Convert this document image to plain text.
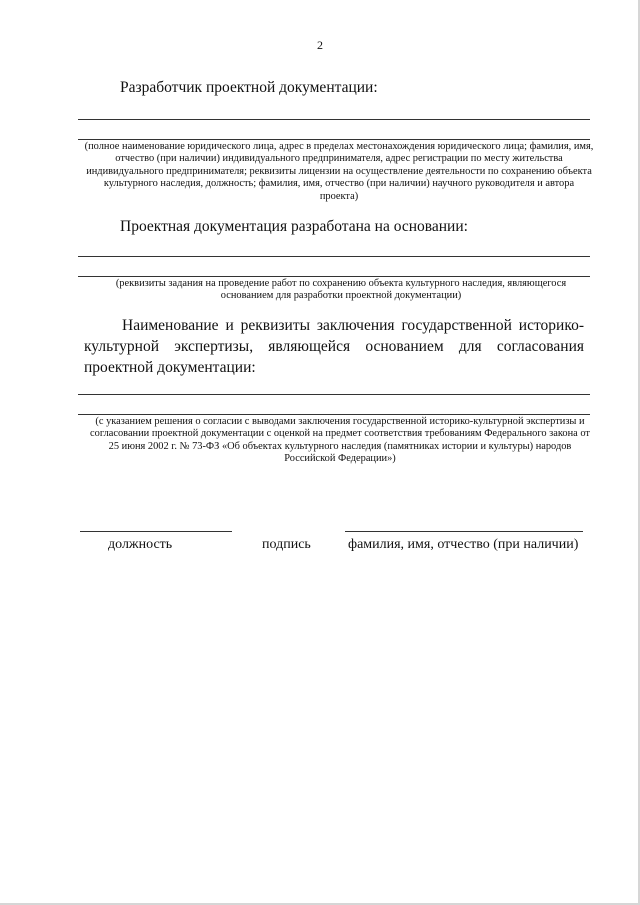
2
Разработчик проектной документации:
(полное наименование юридического лица, адрес в пределах местонахождения юридического лица; фамилия, имя, отчество (при наличии) индивидуального предпринимателя, адрес регистрации по месту жительства индивидуального предпринимателя; реквизиты лицензии на осуществление деятельности по сохранению объекта культурного наследия, должность; фамилия, имя, отчество (при наличии) научного руководителя и автора проекта)
Проектная документация разработана на основании:
(реквизиты задания на проведение работ по сохранению объекта культурного наследия, являющегося основанием для разработки проектной документации)
Наименование и реквизиты заключения государственной историко-культурной экспертизы, являющейся основанием для согласования проектной документации:
(с указанием решения о согласии с выводами заключения государственной историко-культурной экспертизы и согласовании проектной документации с оценкой на предмет соответствия требованиям Федерального закона от 25 июня 2002 г. № 73-ФЗ «Об объектах культурного наследия (памятниках истории и культуры) народов Российской Федерации»)
должность	подпись	фамилия, имя, отчество (при наличии)
